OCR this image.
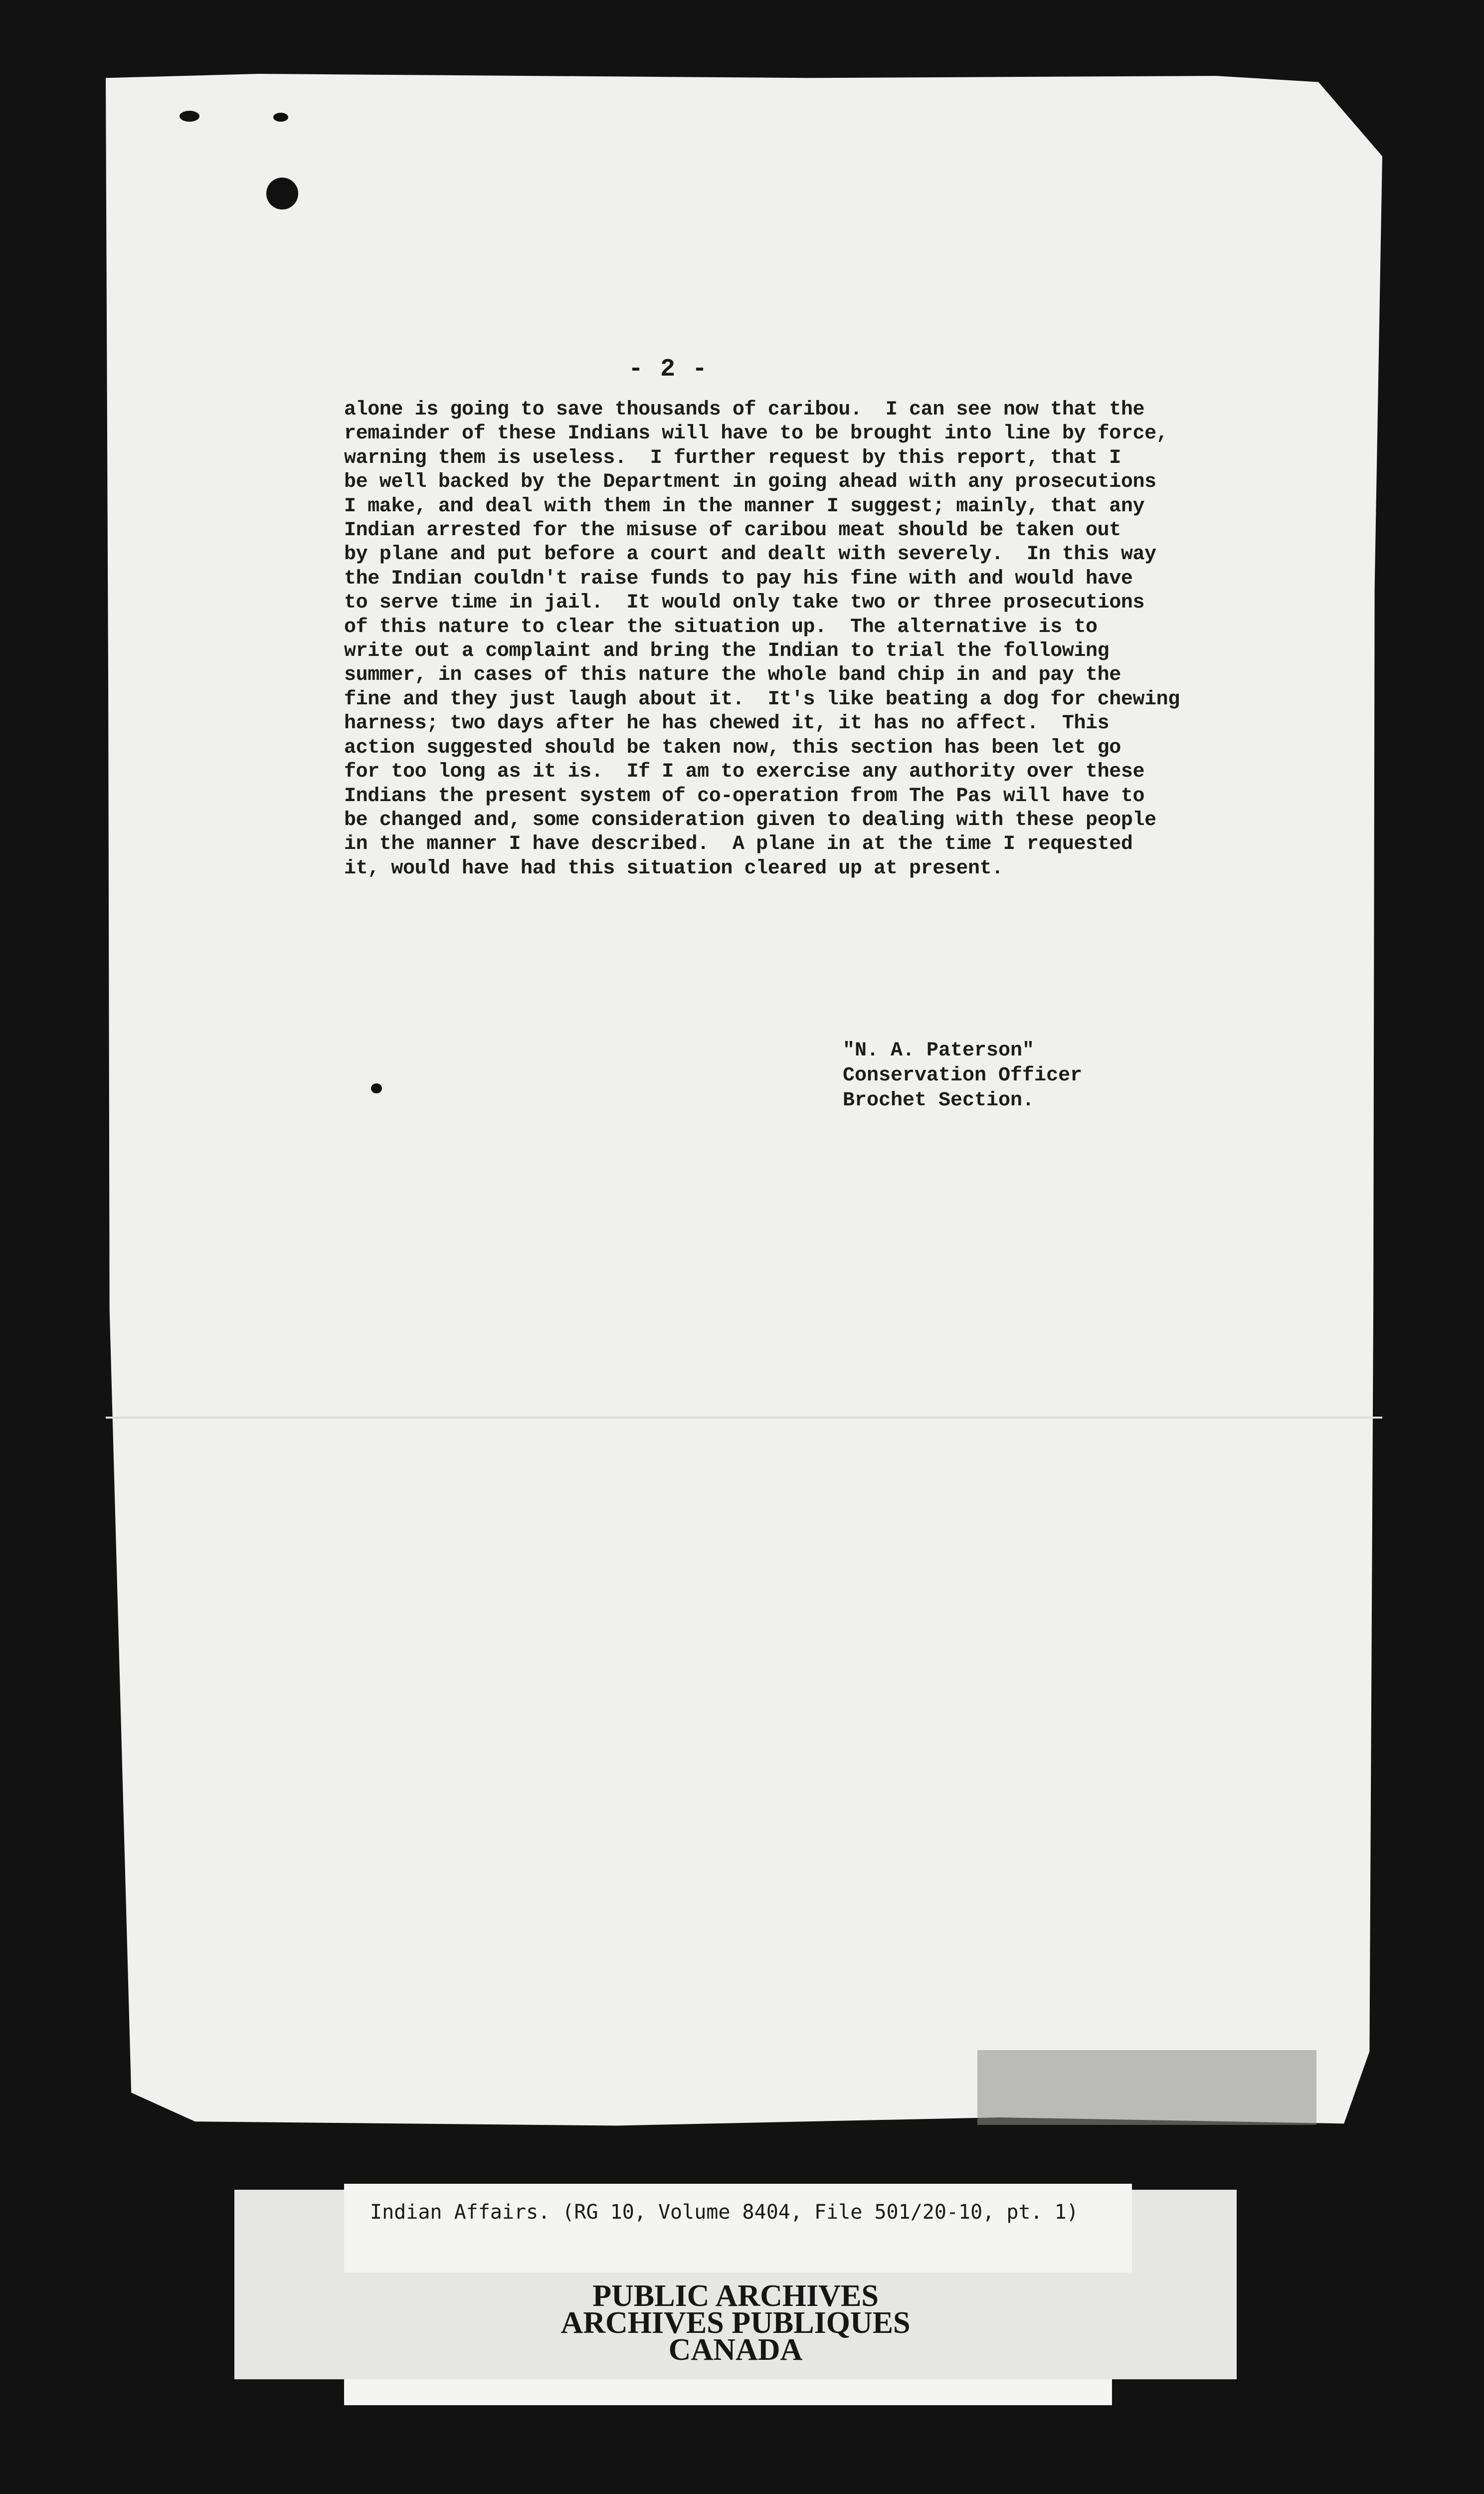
- 2 -
alone is going to save thousands of caribou.  I can see now that the
remainder of these Indians will have to be brought into line by force,
warning them is useless.  I further request by this report, that I
be well backed by the Department in going ahead with any prosecutions
I make, and deal with them in the manner I suggest; mainly, that any
Indian arrested for the misuse of caribou meat should be taken out
by plane and put before a court and dealt with severely.  In this way
the Indian couldn't raise funds to pay his fine with and would have
to serve time in jail.  It would only take two or three prosecutions
of this nature to clear the situation up.  The alternative is to
write out a complaint and bring the Indian to trial the following
summer, in cases of this nature the whole band chip in and pay the
fine and they just laugh about it.  It's like beating a dog for chewing
harness; two days after he has chewed it, it has no affect.  This
action suggested should be taken now, this section has been let go
for too long as it is.  If I am to exercise any authority over these
Indians the present system of co-operation from The Pas will have to
be changed and, some consideration given to dealing with these people
in the manner I have described.  A plane in at the time I requested
it, would have had this situation cleared up at present.
"N. A. Paterson"
Conservation Officer
Brochet Section.
Indian Affairs. (RG 10, Volume 8404, File 501/20-10, pt. 1)
PUBLIC ARCHIVES
ARCHIVES PUBLIQUES
CANADA
